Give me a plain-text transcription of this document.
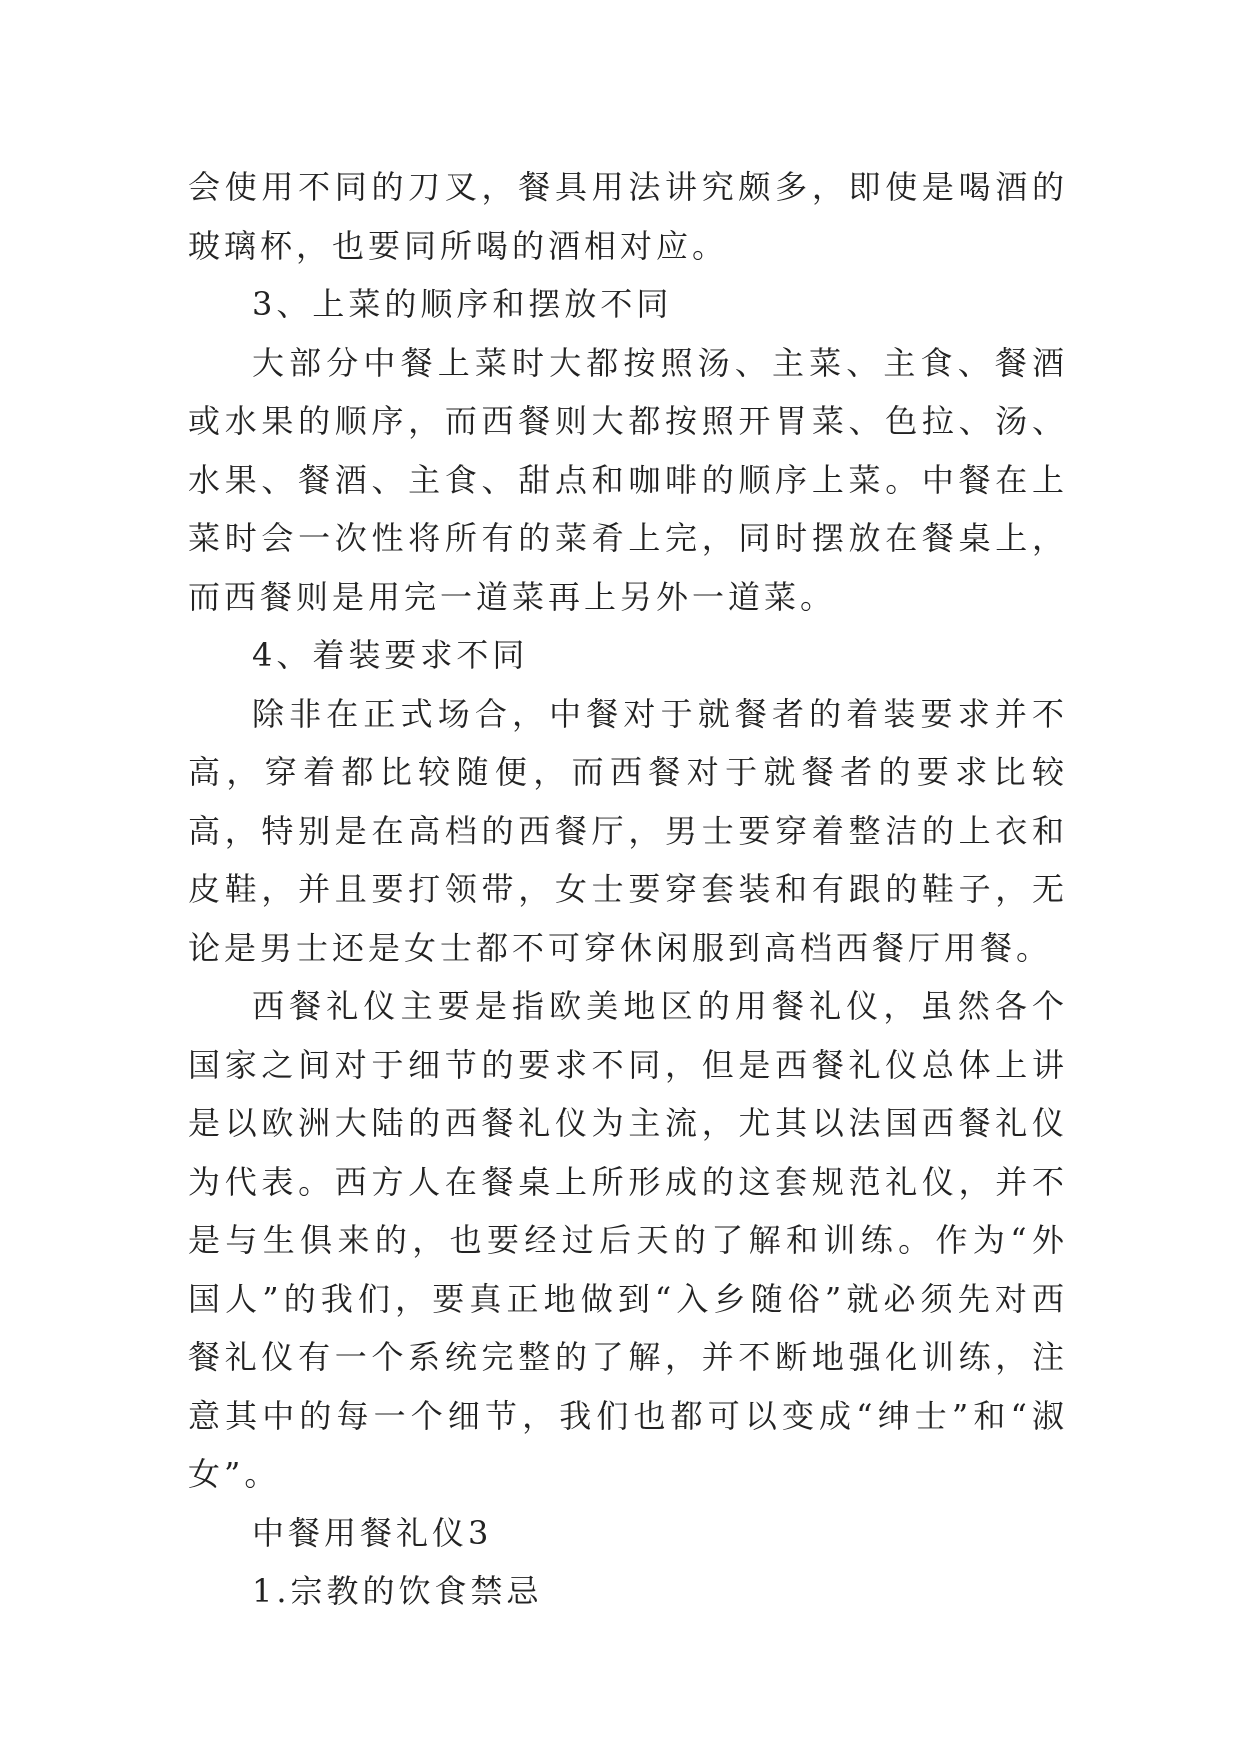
会使用不同的刀叉，餐具用法讲究颇多，即使是喝酒的玻璃杯，也要同所喝的酒相对应。

3、上菜的顺序和摆放不同

大部分中餐上菜时大都按照汤、主菜、主食、餐酒或水果的顺序，而西餐则大都按照开胃菜、色拉、汤、水果、餐酒、主食、甜点和咖啡的顺序上菜。中餐在上菜时会一次性将所有的菜肴上完，同时摆放在餐桌上，而西餐则是用完一道菜再上另外一道菜。

4、着装要求不同

除非在正式场合，中餐对于就餐者的着装要求并不高，穿着都比较随便，而西餐对于就餐者的要求比较高，特别是在高档的西餐厅，男士要穿着整洁的上衣和皮鞋，并且要打领带，女士要穿套装和有跟的鞋子，无论是男士还是女士都不可穿休闲服到高档西餐厅用餐。

西餐礼仪主要是指欧美地区的用餐礼仪，虽然各个国家之间对于细节的要求不同，但是西餐礼仪总体上讲是以欧洲大陆的西餐礼仪为主流，尤其以法国西餐礼仪为代表。西方人在餐桌上所形成的这套规范礼仪，并不是与生俱来的，也要经过后天的了解和训练。作为“外国人”的我们，要真正地做到“入乡随俗”就必须先对西餐礼仪有一个系统完整的了解，并不断地强化训练，注意其中的每一个细节，我们也都可以变成“绅士”和“淑女”。

中餐用餐礼仪3

1.宗教的饮食禁忌
